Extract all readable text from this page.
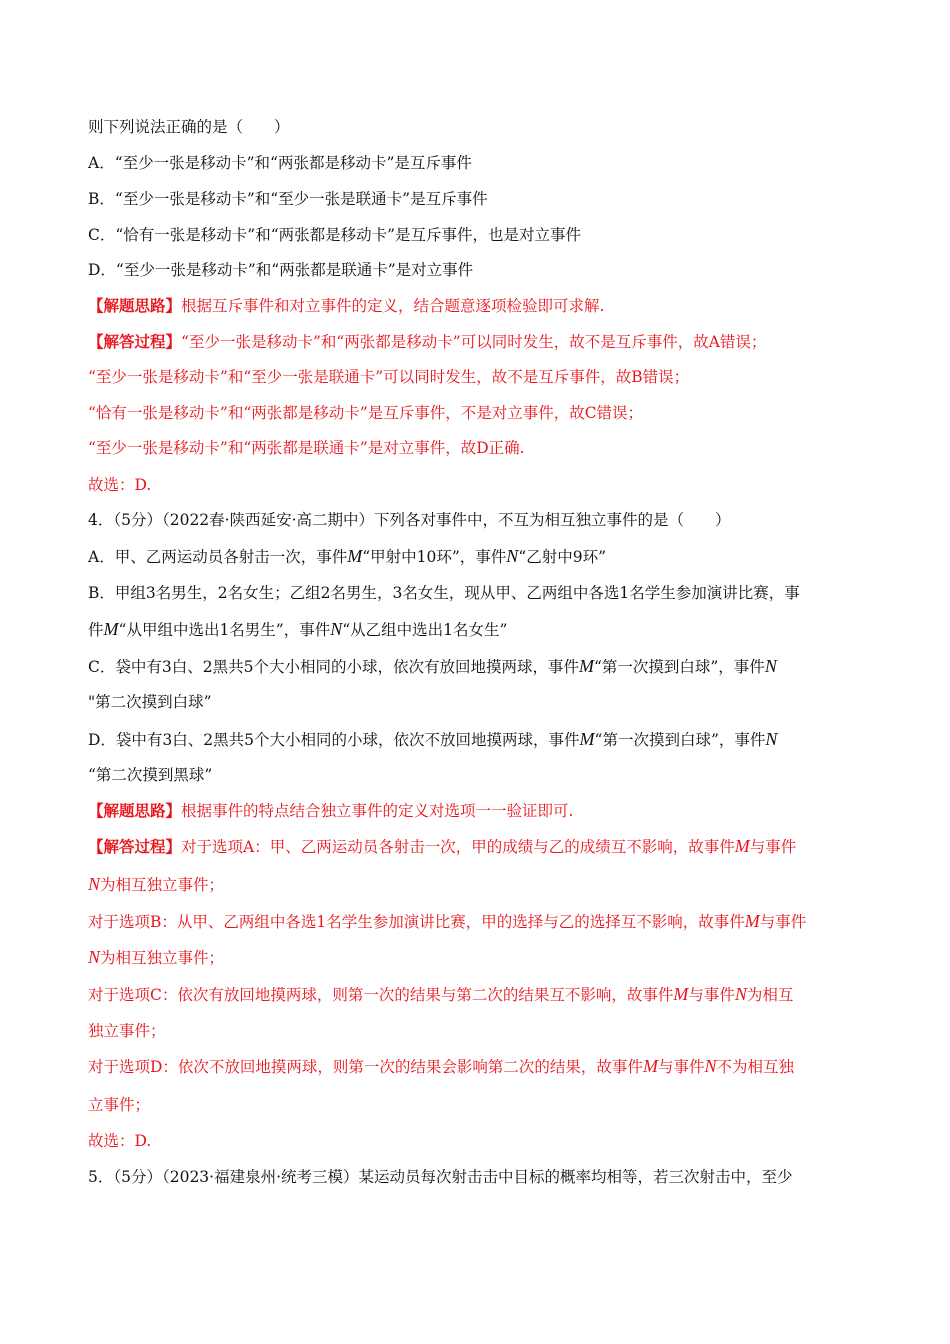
则下列说法正确的是（　　）
A．“至少一张是移动卡”和“两张都是移动卡”是互斥事件
B．“至少一张是移动卡”和“至少一张是联通卡”是互斥事件
C．“恰有一张是移动卡”和“两张都是移动卡”是互斥事件，也是对立事件
D．“至少一张是移动卡”和“两张都是联通卡”是对立事件
【解题思路】根据互斥事件和对立事件的定义，结合题意逐项检验即可求解.
【解答过程】“至少一张是移动卡”和“两张都是移动卡”可以同时发生，故不是互斥事件，故A错误；
“至少一张是移动卡”和“至少一张是联通卡”可以同时发生，故不是互斥事件，故B错误；
“恰有一张是移动卡”和“两张都是移动卡”是互斥事件，不是对立事件，故C错误；
“至少一张是移动卡”和“两张都是联通卡”是对立事件，故D正确.
故选：D.
4．（5分）（2022春·陕西延安·高二期中）下列各对事件中，不互为相互独立事件的是（　　）
A．甲、乙两运动员各射击一次，事件M“甲射中10环”，事件N“乙射中9环”
B．甲组3名男生，2名女生；乙组2名男生，3名女生，现从甲、乙两组中各选1名学生参加演讲比赛，事
件M“从甲组中选出1名男生”，事件N“从乙组中选出1名女生”
C．袋中有3白、2黑共5个大小相同的小球，依次有放回地摸两球，事件M“第一次摸到白球”，事件N
"第二次摸到白球”
D．袋中有3白、2黑共5个大小相同的小球，依次不放回地摸两球，事件M“第一次摸到白球”，事件N
“第二次摸到黑球”
【解题思路】根据事件的特点结合独立事件的定义对选项一一验证即可.
【解答过程】对于选项A：甲、乙两运动员各射击一次，甲的成绩与乙的成绩互不影响，故事件M与事件
N为相互独立事件；
对于选项B：从甲、乙两组中各选1名学生参加演讲比赛，甲的选择与乙的选择互不影响，故事件M与事件
N为相互独立事件；
对于选项C：依次有放回地摸两球，则第一次的结果与第二次的结果互不影响，故事件M与事件N为相互
独立事件；
对于选项D：依次不放回地摸两球，则第一次的结果会影响第二次的结果，故事件M与事件N不为相互独
立事件；
故选：D.
5．（5分）（2023·福建泉州·统考三模）某运动员每次射击击中目标的概率均相等，若三次射击中，至少
